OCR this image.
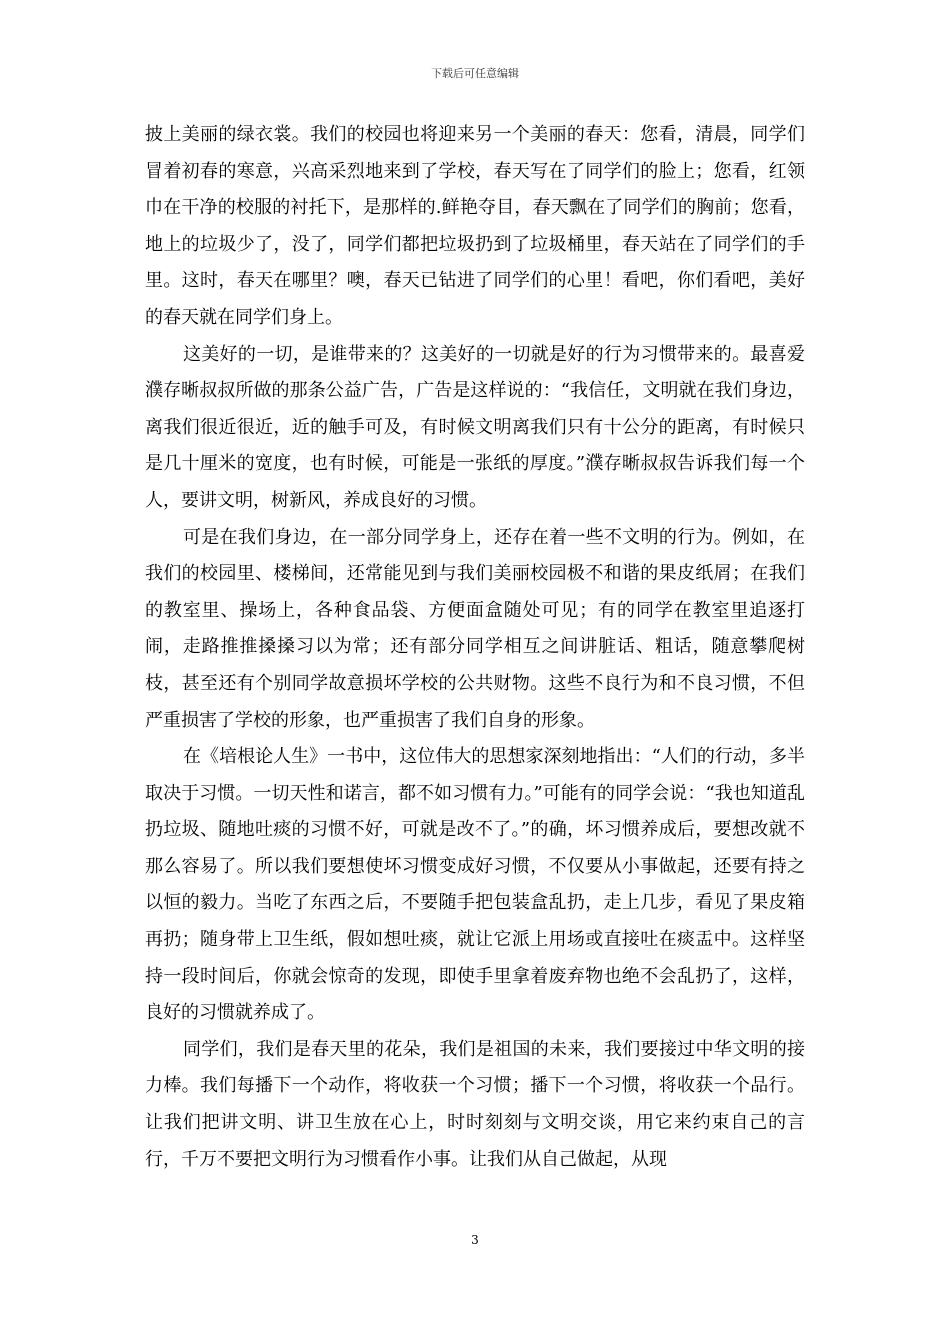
下载后可任意编辑

披上美丽的绿衣裳。我们的校园也将迎来另一个美丽的春天：您看，清晨，同学们冒着初春的寒意，兴高采烈地来到了学校，春天写在了同学们的脸上；您看，红领巾在干净的校服的衬托下，是那样的.鲜艳夺目，春天飘在了同学们的胸前；您看，地上的垃圾少了，没了，同学们都把垃圾扔到了垃圾桶里，春天站在了同学们的手里。这时，春天在哪里？噢，春天已钻进了同学们的心里！看吧，你们看吧，美好的春天就在同学们身上。

这美好的一切，是谁带来的？这美好的一切就是好的行为习惯带来的。最喜爱濮存晰叔叔所做的那条公益广告，广告是这样说的：“我信任，文明就在我们身边，离我们很近很近，近的触手可及，有时候文明离我们只有十公分的距离，有时候只是几十厘米的宽度，也有时候，可能是一张纸的厚度。”濮存晰叔叔告诉我们每一个人，要讲文明，树新风，养成良好的习惯。

可是在我们身边，在一部分同学身上，还存在着一些不文明的行为。例如，在我们的校园里、楼梯间，还常能见到与我们美丽校园极不和谐的果皮纸屑；在我们的教室里、操场上，各种食品袋、方便面盒随处可见；有的同学在教室里追逐打闹，走路推推搡搡习以为常；还有部分同学相互之间讲脏话、粗话，随意攀爬树枝，甚至还有个别同学故意损坏学校的公共财物。这些不良行为和不良习惯，不但严重损害了学校的形象，也严重损害了我们自身的形象。

在《培根论人生》一书中，这位伟大的思想家深刻地指出：“人们的行动，多半取决于习惯。一切天性和诺言，都不如习惯有力。”可能有的同学会说：“我也知道乱扔垃圾、随地吐痰的习惯不好，可就是改不了。”的确，坏习惯养成后，要想改就不那么容易了。所以我们要想使坏习惯变成好习惯，不仅要从小事做起，还要有持之以恒的毅力。当吃了东西之后，不要随手把包装盒乱扔，走上几步，看见了果皮箱再扔；随身带上卫生纸，假如想吐痰，就让它派上用场或直接吐在痰盂中。这样坚持一段时间后，你就会惊奇的发现，即使手里拿着废弃物也绝不会乱扔了，这样，良好的习惯就养成了。

同学们，我们是春天里的花朵，我们是祖国的未来，我们要接过中华文明的接力棒。我们每播下一个动作，将收获一个习惯；播下一个习惯，将收获一个品行。让我们把讲文明、讲卫生放在心上，时时刻刻与文明交谈，用它来约束自己的言行，千万不要把文明行为习惯看作小事。让我们从自己做起，从现

3
